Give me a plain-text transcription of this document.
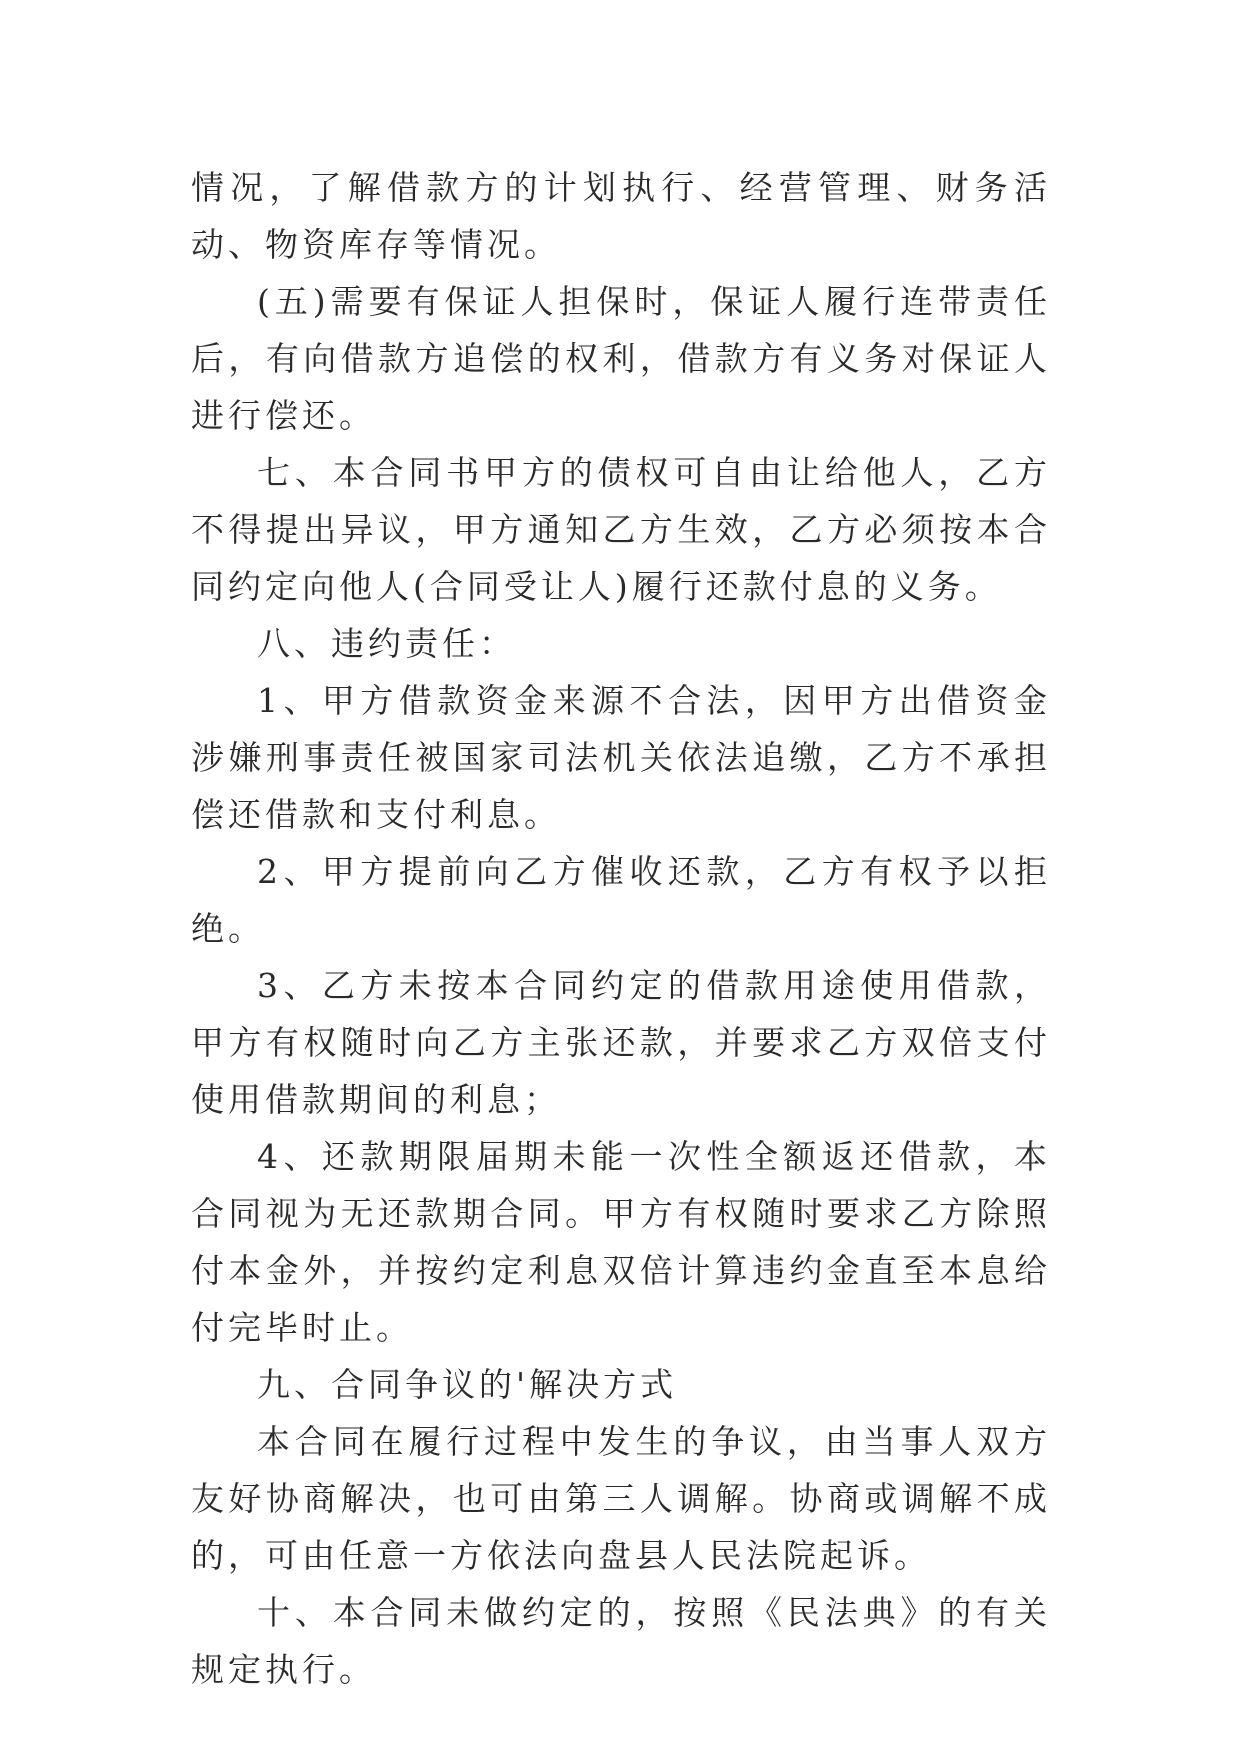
情况，了解借款方的计划执行、经营管理、财务活动、物资库存等情况。

(五)需要有保证人担保时，保证人履行连带责任后，有向借款方追偿的权利，借款方有义务对保证人进行偿还。

七、本合同书甲方的债权可自由让给他人，乙方不得提出异议，甲方通知乙方生效，乙方必须按本合同约定向他人(合同受让人)履行还款付息的义务。

八、违约责任：

1、甲方借款资金来源不合法，因甲方出借资金涉嫌刑事责任被国家司法机关依法追缴，乙方不承担偿还借款和支付利息。

2、甲方提前向乙方催收还款，乙方有权予以拒绝。

3、乙方未按本合同约定的借款用途使用借款，甲方有权随时向乙方主张还款，并要求乙方双倍支付使用借款期间的利息；

4、还款期限届期未能一次性全额返还借款，本合同视为无还款期合同。甲方有权随时要求乙方除照付本金外，并按约定利息双倍计算违约金直至本息给付完毕时止。

九、合同争议的'解决方式

本合同在履行过程中发生的争议，由当事人双方友好协商解决，也可由第三人调解。协商或调解不成的，可由任意一方依法向盘县人民法院起诉。

十、本合同未做约定的，按照《民法典》的有关规定执行。
